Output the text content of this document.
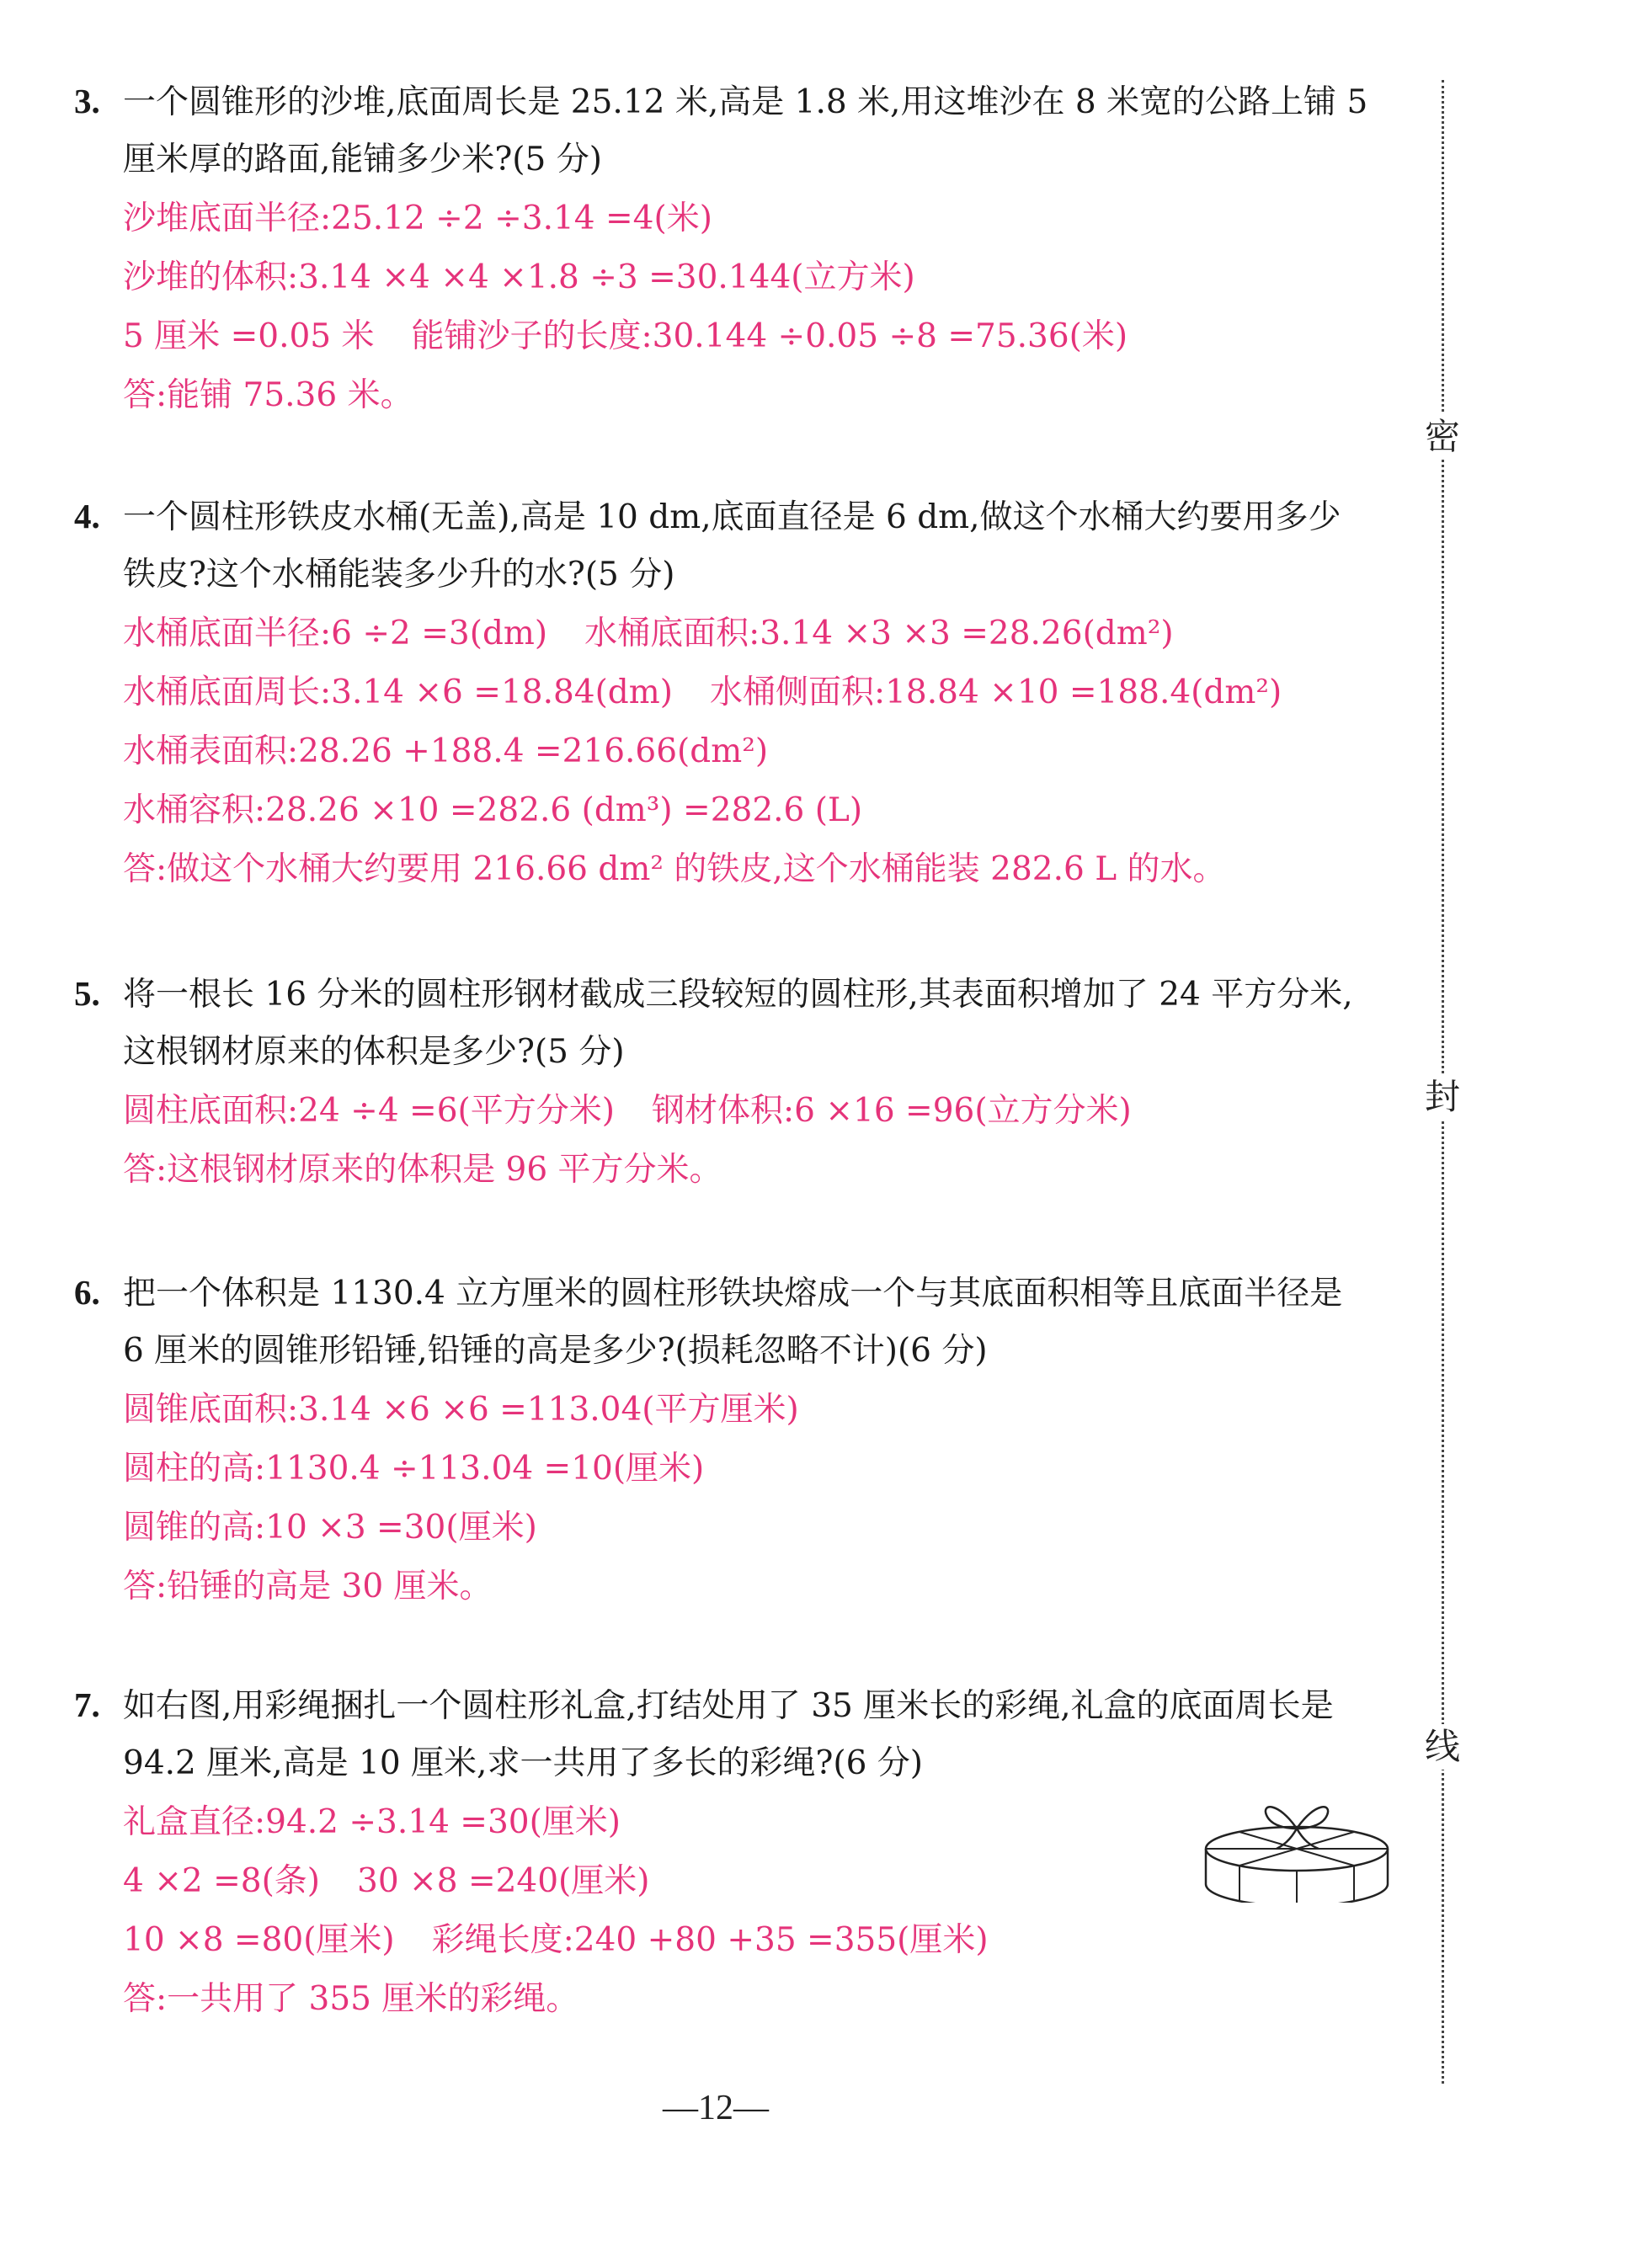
3. 一个圆锥形的沙堆,底面周长是 25.12 米,高是 1.8 米,用这堆沙在 8 米宽的公路上铺 5
厘米厚的路面,能铺多少米?(5 分)
沙堆底面半径:25.12 ÷2 ÷3.14 =4(米)
沙堆的体积:3.14 ×4 ×4 ×1.8 ÷3 =30.144(立方米)
5 厘米 =0.05 米 能铺沙子的长度:30.144 ÷0.05 ÷8 =75.36(米)
答:能铺 75.36 米。
4. 一个圆柱形铁皮水桶(无盖),高是 10 dm,底面直径是 6 dm,做这个水桶大约要用多少
铁皮?这个水桶能装多少升的水?(5 分)
水桶底面半径:6 ÷2 =3(dm) 水桶底面积:3.14 ×3 ×3 =28.26(dm²)
水桶底面周长:3.14 ×6 =18.84(dm) 水桶侧面积:18.84 ×10 =188.4(dm²)
水桶表面积:28.26 +188.4 =216.66(dm²)
水桶容积:28.26 ×10 =282.6 (dm³) =282.6 (L)
答:做这个水桶大约要用 216.66 dm² 的铁皮,这个水桶能装 282.6 L 的水。
5. 将一根长 16 分米的圆柱形钢材截成三段较短的圆柱形,其表面积增加了 24 平方分米,
这根钢材原来的体积是多少?(5 分)
圆柱底面积:24 ÷4 =6(平方分米) 钢材体积:6 ×16 =96(立方分米)
答:这根钢材原来的体积是 96 平方分米。
6. 把一个体积是 1130.4 立方厘米的圆柱形铁块熔成一个与其底面积相等且底面半径是
6 厘米的圆锥形铅锤,铅锤的高是多少?(损耗忽略不计)(6 分)
圆锥底面积:3.14 ×6 ×6 =113.04(平方厘米)
圆柱的高:1130.4 ÷113.04 =10(厘米)
圆锥的高:10 ×3 =30(厘米)
答:铅锤的高是 30 厘米。
7. 如右图,用彩绳捆扎一个圆柱形礼盒,打结处用了 35 厘米长的彩绳,礼盒的底面周长是
94.2 厘米,高是 10 厘米,求一共用了多长的彩绳?(6 分)
礼盒直径:94.2 ÷3.14 =30(厘米)
4 ×2 =8(条) 30 ×8 =240(厘米)
10 ×8 =80(厘米) 彩绳长度:240 +80 +35 =355(厘米)
答:一共用了 355 厘米的彩绳。
密
封
线
—12—
